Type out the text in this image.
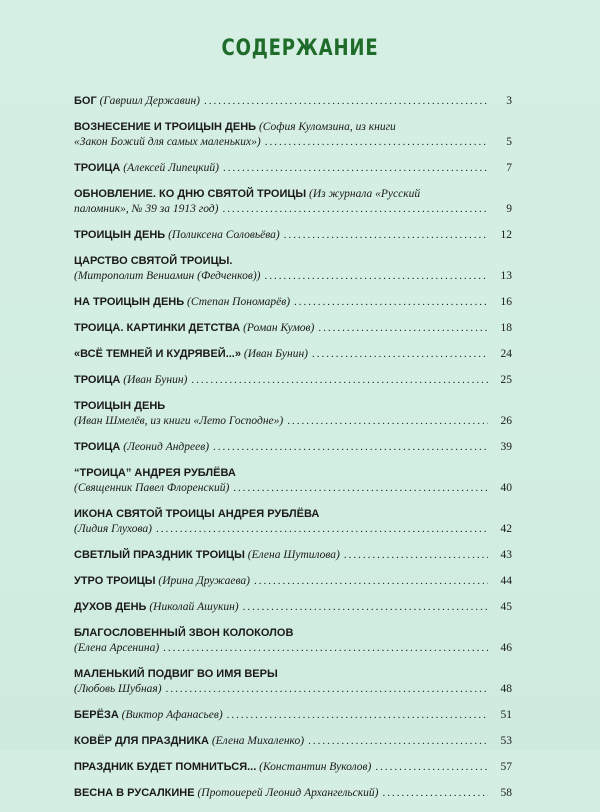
СОДЕРЖАНИЕ
БОГ (Гавриил Державин) .....	3
ВОЗНЕСЕНИЕ И ТРОИЦЫН ДЕНЬ (София Куломзина, из книги
«Закон Божий для самых маленьких») .....	5
ТРОИЦА (Алексей Липецкий) .....	7
ОБНОВЛЕНИЕ. КО ДНЮ СВЯТОЙ ТРОИЦЫ (Из журнала «Русский
паломник», № 39 за 1913 год) .....	9
ТРОИЦЫН ДЕНЬ (Поликсена Соловьёва) .....	12
ЦАРСТВО СВЯТОЙ ТРОИЦЫ.
(Митрополит Вениамин (Федченков)) .....	13
НА ТРОИЦЫН ДЕНЬ (Степан Пономарёв) .....	16
ТРОИЦА. КАРТИНКИ ДЕТСТВА (Роман Кумов) .....	18
«ВСЁ ТЕМНЕЙ И КУДРЯВЕЙ...» (Иван Бунин) .....	24
ТРОИЦА (Иван Бунин) .....	25
ТРОИЦЫН ДЕНЬ
(Иван Шмелёв, из книги «Лето Господне») .....	26
ТРОИЦА (Леонид Андреев) .....	39
“ТРОИЦА” АНДРЕЯ РУБЛЁВА
(Священник Павел Флоренский) .....	40
ИКОНА СВЯТОЙ ТРОИЦЫ АНДРЕЯ РУБЛЁВА
(Лидия Глухова) .....	42
СВЕТЛЫЙ ПРАЗДНИК ТРОИЦЫ (Елена Шутилова) .....	43
УТРО ТРОИЦЫ (Ирина Дружаева) .....	44
ДУХОВ ДЕНЬ (Николай Ашукин) .....	45
БЛАГОСЛОВЕННЫЙ ЗВОН КОЛОКОЛОВ
(Елена Арсенина) .....	46
МАЛЕНЬКИЙ ПОДВИГ ВО ИМЯ ВЕРЫ
(Любовь Шубная) .....	48
БЕРЁЗА (Виктор Афанасьев) .....	51
КОВЁР ДЛЯ ПРАЗДНИКА (Елена Михаленко) .....	53
ПРАЗДНИК БУДЕТ ПОМНИТЬСЯ... (Константин Вуколов) .....	57
ВЕСНА В РУСАЛКИНЕ (Протоиерей Леонид Архангельский) .....	58
